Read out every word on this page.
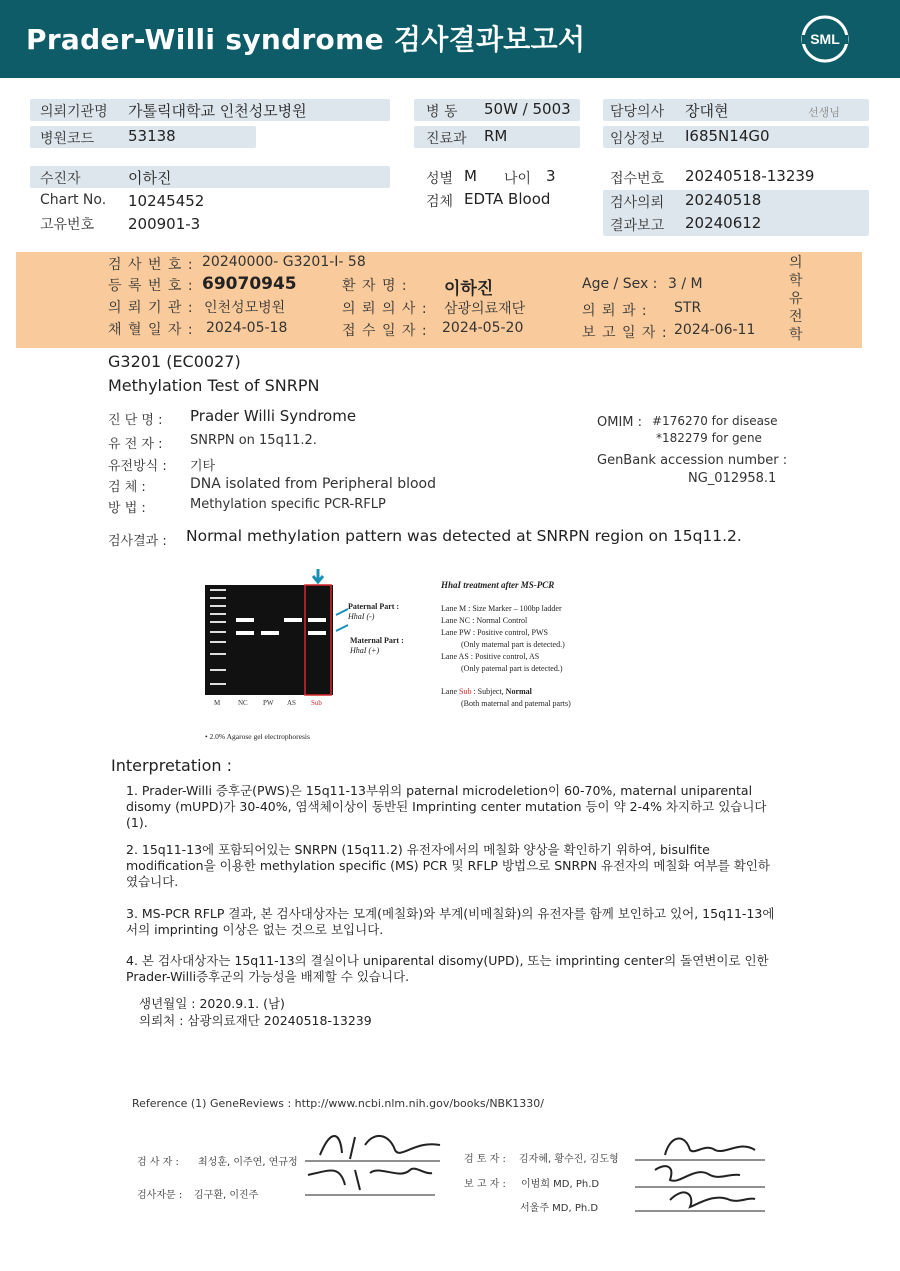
Prader-Willi syndrome 검사결과보고서	SML
의뢰기관명 가톨릭대학교 인천성모병원
병원코드 53138
병 동 50W / 5003
진료과 RM
담당의사 장대현	선생님
임상정보 I685N14G0
수진자	이하진
Chart No. 10245452
고유번호 200901-3
성별 M 나이 3
검체 EDTA Blood
접수번호 20240518-13239
검사의뢰 20240518
결과보고 20240612
검 사 번 호 : 20240000- G3201-I- 58
등 록 번 호 : 69070945	환 자 명 : 이하진	Age / Sex : 3 / M
의 뢰 기 관 : 인천성모병원	의 뢰 의 사 : 삼광의료재단	의 뢰 과 : STR
채 혈 일 자 : 2024-05-18	접 수 일 자 : 2024-05-20	보 고 일 자 : 2024-06-11
의학유전학
G3201 (EC0027)
Methylation Test of SNRPN
진 단 명 : Prader Willi Syndrome
유 전 자 : SNRPN on 15q11.2.
유전방식 : 기타
검 체 :	DNA isolated from Peripheral blood
방 법 :	Methylation specific PCR-RFLP
OMIM : #176270 for disease
*182279 for gene
GenBank accession number :
NG_012958.1
검사결과 : Normal methylation pattern was detected at SNRPN region on 15q11.2.
M	NC PW AS Sub
Paternal Part :
HhaI (-)
Maternal Part :
HhaI (+)
• 2.0% Agarose gel electrophoresis
HhaI treatment after MS-PCR
Lane M : Size Marker – 100bp ladder
Lane NC : Normal Control
Lane PW : Positive control, PWS
(Only maternal part is detected.)
Lane AS : Positive control, AS
(Only paternal part is detected.)
Lane Sub : Subject, Normal
(Both maternal and paternal parts)
Interpretation :
1. Prader-Willi 증후군(PWS)은 15q11-13부위의 paternal microdeletion이 60-70%, maternal uniparental disomy (mUPD)가 30-40%, 염색체이상이 동반된 Imprinting center mutation 등이 약 2-4% 차지하고 있습니다 (1).
2. 15q11-13에 포함되어있는 SNRPN (15q11.2) 유전자에서의 메칠화 양상을 확인하기 위하여, bisulfite modification을 이용한 methylation specific (MS) PCR 및 RFLP 방법으로 SNRPN 유전자의 메칠화 여부를 확인하였습니다.
3. MS-PCR RFLP 결과, 본 검사대상자는 모계(메칠화)와 부계(비메칠화)의 유전자를 함께 보인하고 있어, 15q11-13에서의 imprinting 이상은 없는 것으로 보입니다.
4. 본 검사대상자는 15q11-13의 결실이나 uniparental disomy(UPD), 또는 imprinting center의 돌연변이로 인한 Prader-Willi증후군의 가능성을 배제할 수 있습니다.
생년월일 : 2020.9.1. (남)
의뢰처 : 삼광의료재단 20240518-13239
Reference (1) GeneReviews : http://www.ncbi.nlm.nih.gov/books/NBK1330/
검 사 자 : 최성훈, 이주연, 연규정
검사자문 : 김구환, 이진주
검 토 자 : 김자혜, 황수진, 김도형
보 고 자 : 이범희 MD, Ph.D
서울주 MD, Ph.D
